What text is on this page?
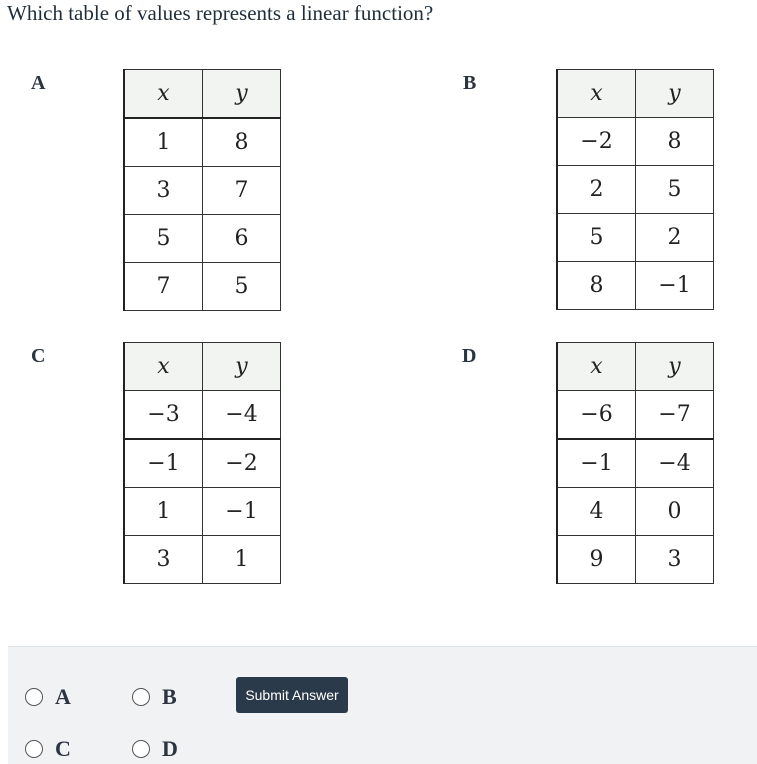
Which table of values represents a linear function?
A	x	y
1	8
3	7
5	6
7	5
B	x	y
−2	8
2	5
5	2
8	−1
C	x	y
−3	−4
−1	−2
1	−1
3	1
D	x	y
−6	−7
−1	−4
4	0
9	3
A	B
C	D
Submit Answer
